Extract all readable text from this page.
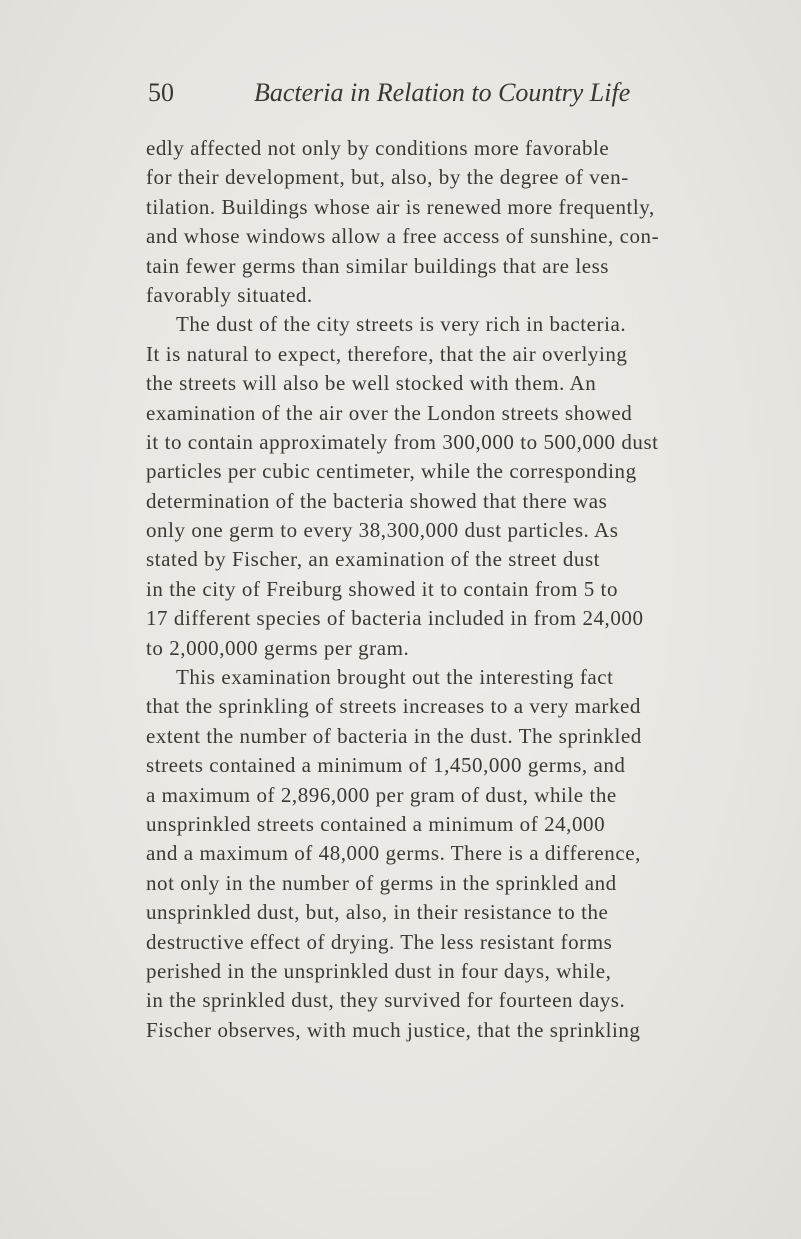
50	Bacteria in Relation to Country Life
edly affected not only by conditions more favorable
for their development, but, also, by the degree of ven-
tilation. Buildings whose air is renewed more frequently,
and whose windows allow a free access of sunshine, con-
tain fewer germs than similar buildings that are less
favorably situated.
The dust of the city streets is very rich in bacteria.
It is natural to expect, therefore, that the air overlying
the streets will also be well stocked with them. An
examination of the air over the London streets showed
it to contain approximately from 300,000 to 500,000 dust
particles per cubic centimeter, while the corresponding
determination of the bacteria showed that there was
only one germ to every 38,300,000 dust particles. As
stated by Fischer, an examination of the street dust
in the city of Freiburg showed it to contain from 5 to
17 different species of bacteria included in from 24,000
to 2,000,000 germs per gram.
This examination brought out the interesting fact
that the sprinkling of streets increases to a very marked
extent the number of bacteria in the dust. The sprinkled
streets contained a minimum of 1,450,000 germs, and
a maximum of 2,896,000 per gram of dust, while the
unsprinkled streets contained a minimum of 24,000
and a maximum of 48,000 germs. There is a difference,
not only in the number of germs in the sprinkled and
unsprinkled dust, but, also, in their resistance to the
destructive effect of drying. The less resistant forms
perished in the unsprinkled dust in four days, while,
in the sprinkled dust, they survived for fourteen days.
Fischer observes, with much justice, that the sprinkling
